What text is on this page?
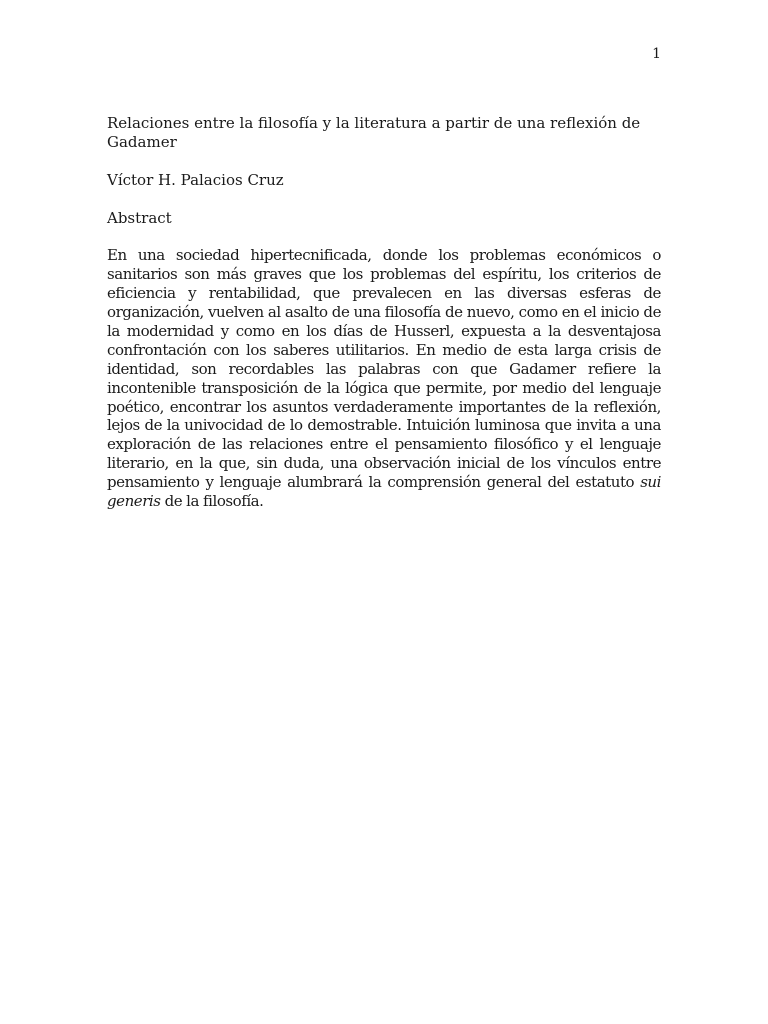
1
Relaciones entre la filosofía y la literatura a partir de una reflexión de Gadamer

Víctor H. Palacios Cruz

Abstract

En una sociedad hipertecnificada, donde los problemas económicos o sanitarios son más graves que los problemas del espíritu, los criterios de eficiencia y rentabilidad, que prevalecen en las diversas esferas de organización, vuelven al asalto de una filosofía de nuevo, como en el inicio de la modernidad y como en los días de Husserl, expuesta a la desventajosa confrontación con los saberes utilitarios. En medio de esta larga crisis de identidad, son recordables las palabras con que Gadamer refiere la incontenible transposición de la lógica que permite, por medio del lenguaje poético, encontrar los asuntos verdaderamente importantes de la reflexión, lejos de la univocidad de lo demostrable. Intuición luminosa que invita a una exploración de las relaciones entre el pensamiento filosófico y el lenguaje literario, en la que, sin duda, una observación inicial de los vínculos entre pensamiento y lenguaje alumbrará la comprensión general del estatuto sui generis de la filosofía.
